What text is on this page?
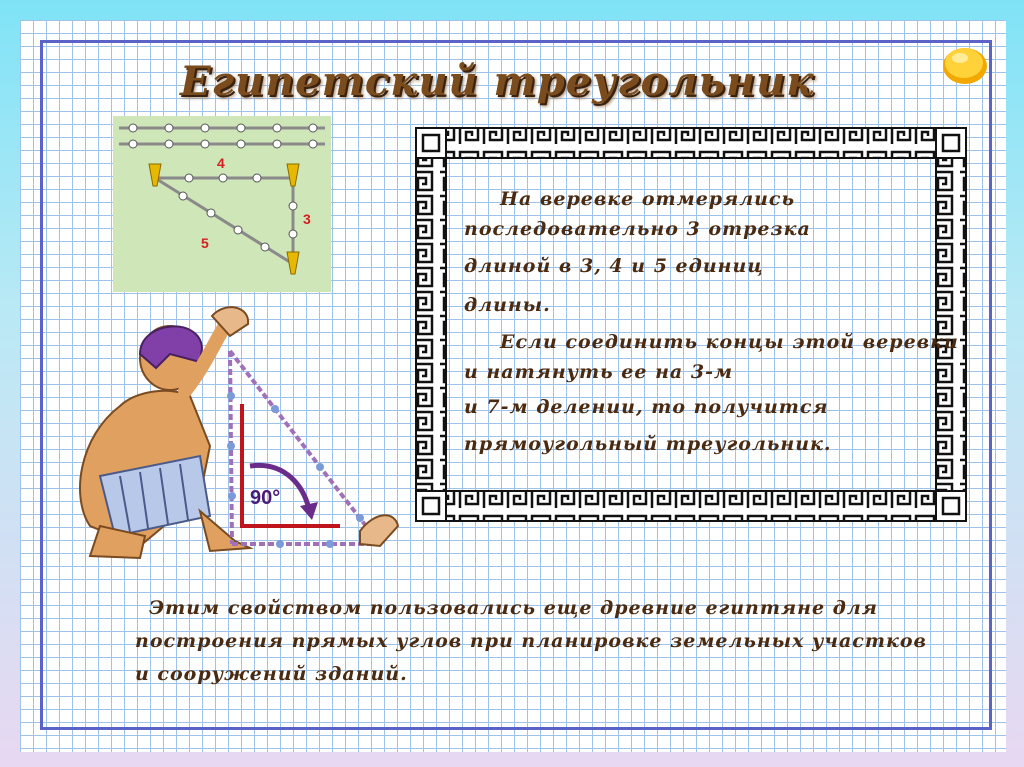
Египетский треугольник
4
3
5
90°

На веревке отмерялись

последовательно 3 отрезка

длиной в 3, 4 и 5 единиц

длины.

Если соединить концы этой веревки

и натянуть ее на 3-м

и 7-м делении, то получится

прямоугольный треугольник.

Этим свойством пользовались еще древние египтяне для построения прямых углов при планировке земельных участков и сооружений зданий.
